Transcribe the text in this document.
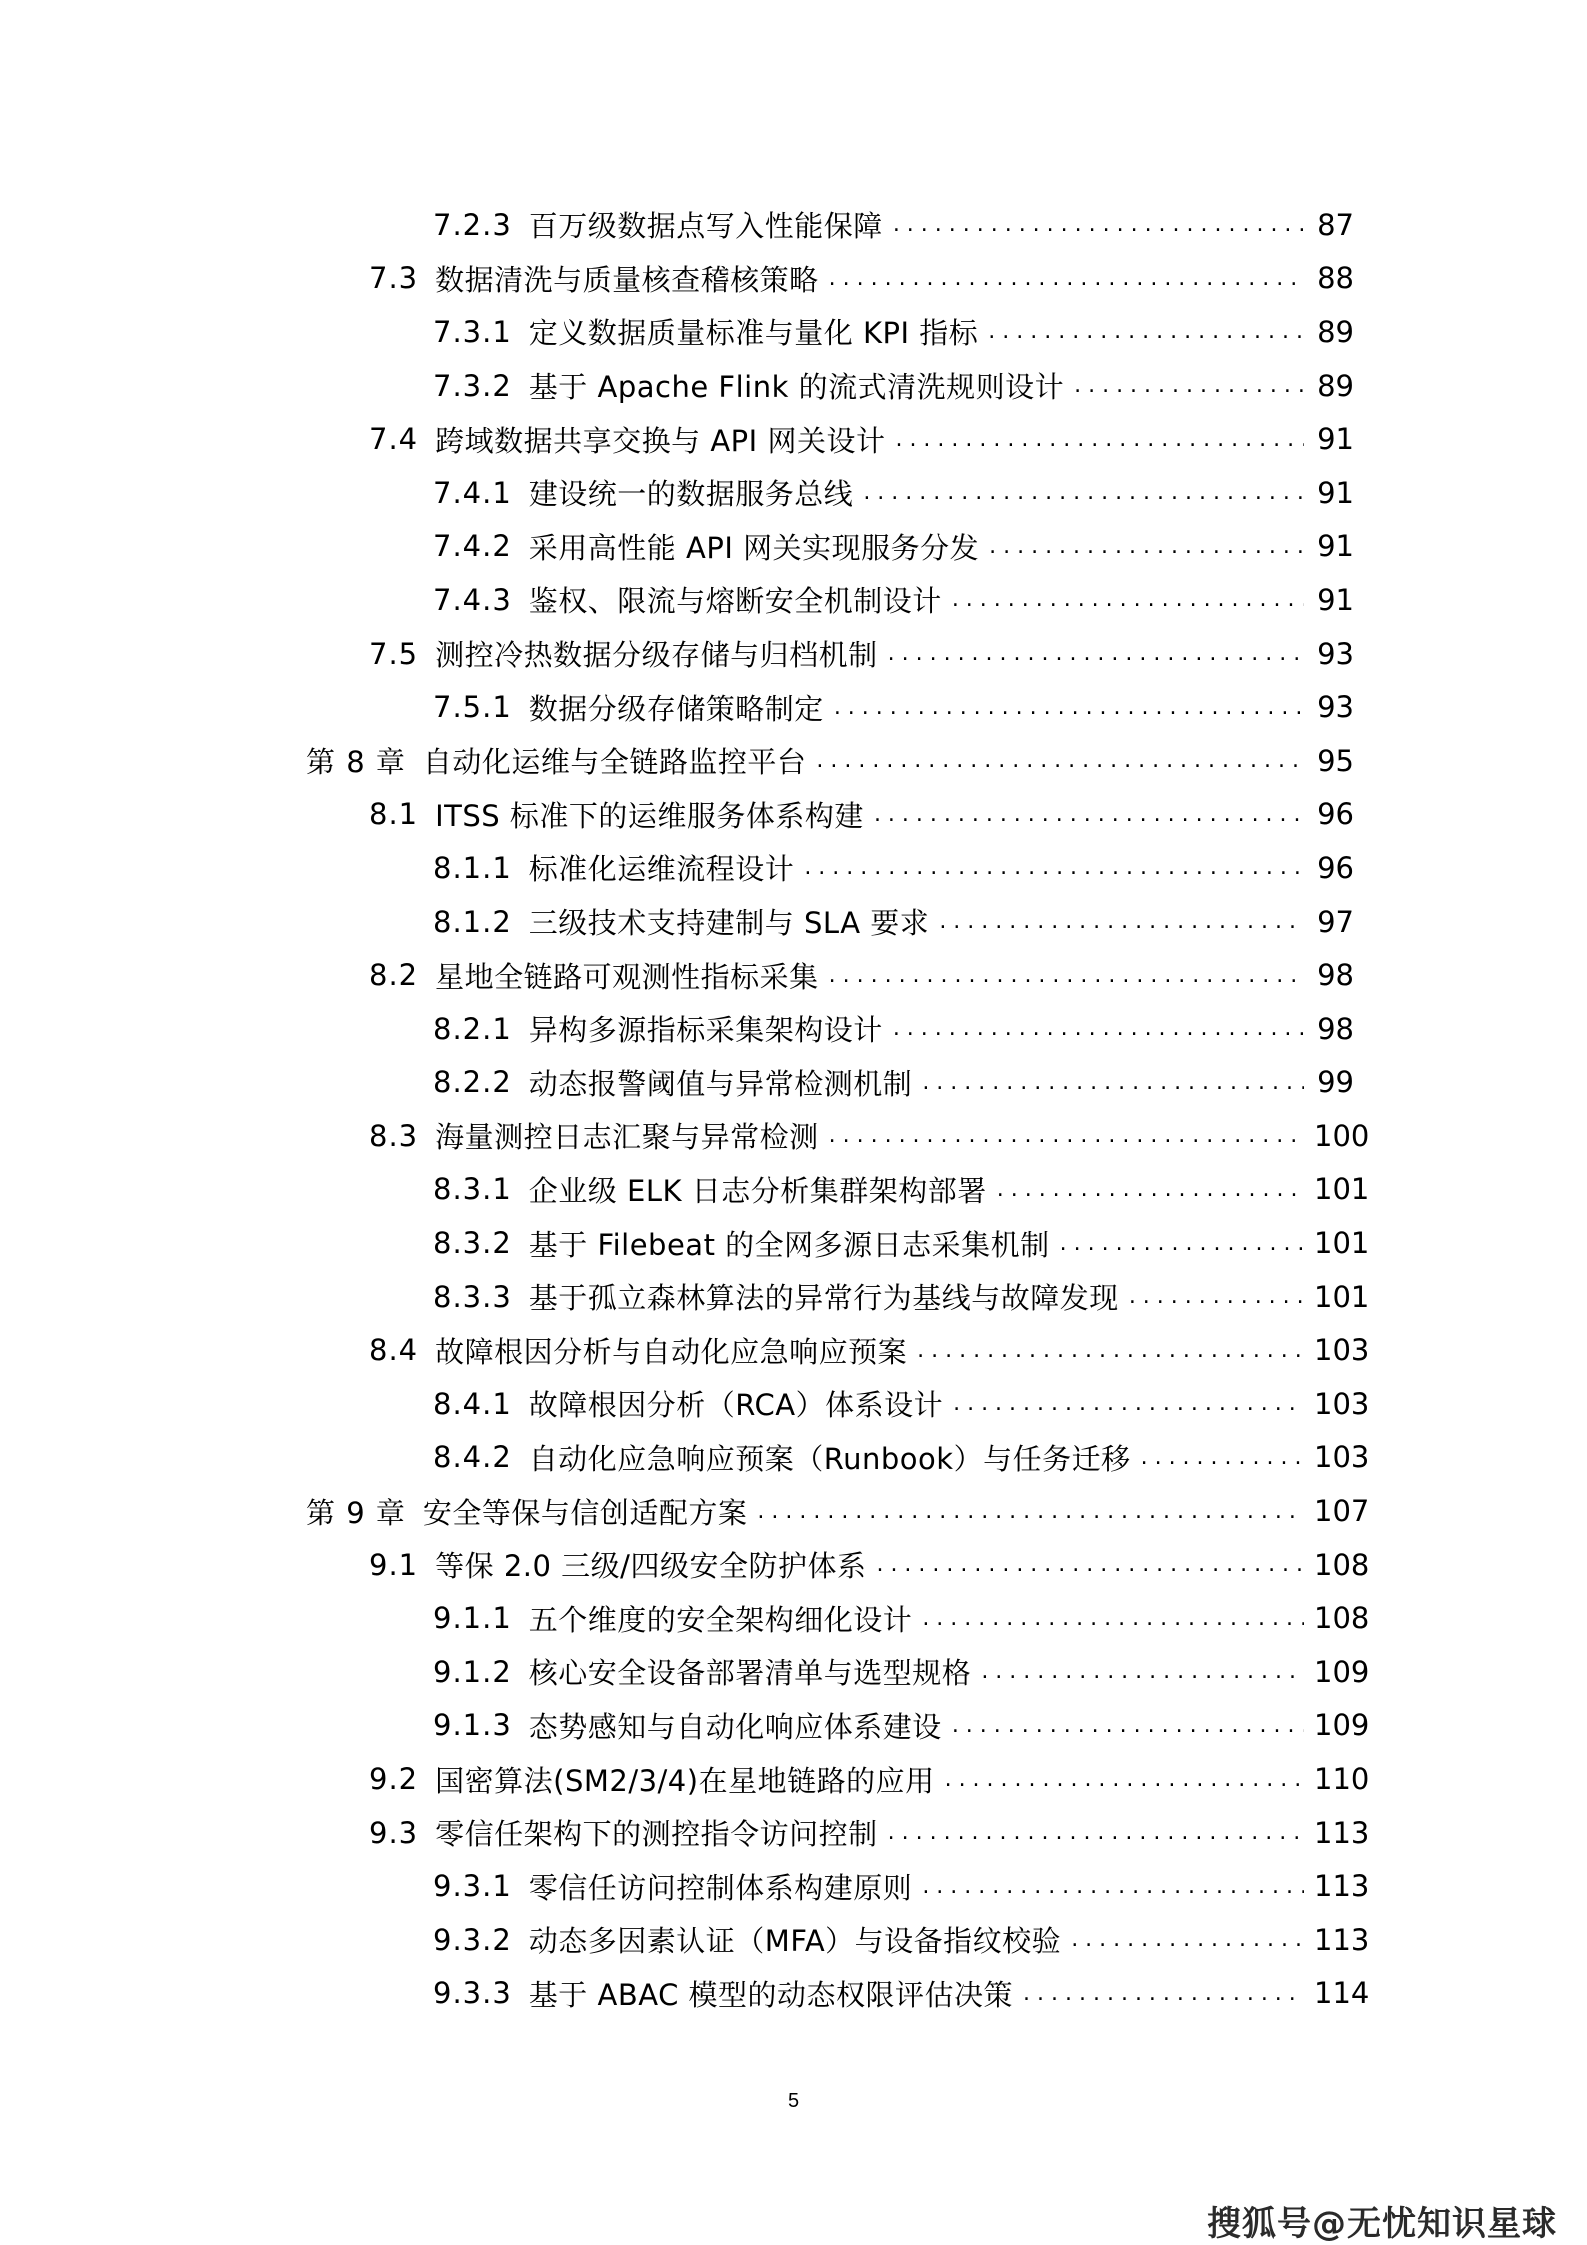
7.2.3 百万级数据点写入性能保障 . . .	87
7.3 数据清洗与质量核查稽核策略 . . .	88
7.3.1 定义数据质量标准与量化 KPI 指标 . . .	89
7.3.2 基于 Apache Flink 的流式清洗规则设计 . . .	89
7.4 跨域数据共享交换与 API 网关设计 . . .	91
7.4.1 建设统一的数据服务总线 . . .	91
7.4.2 采用高性能 API 网关实现服务分发 . . .	91
7.4.3 鉴权、限流与熔断安全机制设计 . . .	91
7.5 测控冷热数据分级存储与归档机制 . . .	93
7.5.1 数据分级存储策略制定 . . .	93
第 8 章 自动化运维与全链路监控平台 . . .	95
8.1 ITSS 标准下的运维服务体系构建 . . .	96
8.1.1 标准化运维流程设计 . . .	96
8.1.2 三级技术支持建制与 SLA 要求 . . .	97
8.2 星地全链路可观测性指标采集 . . .	98
8.2.1 异构多源指标采集架构设计 . . .	98
8.2.2 动态报警阈值与异常检测机制 . . .	99
8.3 海量测控日志汇聚与异常检测 . . .	100
8.3.1 企业级 ELK 日志分析集群架构部署 . . .	101
8.3.2 基于 Filebeat 的全网多源日志采集机制 . . .	101
8.3.3 基于孤立森林算法的异常行为基线与故障发现 . . .	101
8.4 故障根因分析与自动化应急响应预案 . . .	103
8.4.1 故障根因分析（RCA）体系设计 . . .	103
8.4.2 自动化应急响应预案（Runbook）与任务迁移 . . .	103
第 9 章 安全等保与信创适配方案 . . .	107
9.1 等保 2.0 三级/四级安全防护体系 . . .	108
9.1.1 五个维度的安全架构细化设计 . . .	108
9.1.2 核心安全设备部署清单与选型规格 . . .	109
9.1.3 态势感知与自动化响应体系建设 . . .	109
9.2 国密算法(SM2/3/4)在星地链路的应用 . . .	110
9.3 零信任架构下的测控指令访问控制 . . .	113
9.3.1 零信任访问控制体系构建原则 . . .	113
9.3.2 动态多因素认证（MFA）与设备指纹校验 . . .	113
9.3.3 基于 ABAC 模型的动态权限评估决策 . . .	114
5
搜狐号@无忧知识星球
